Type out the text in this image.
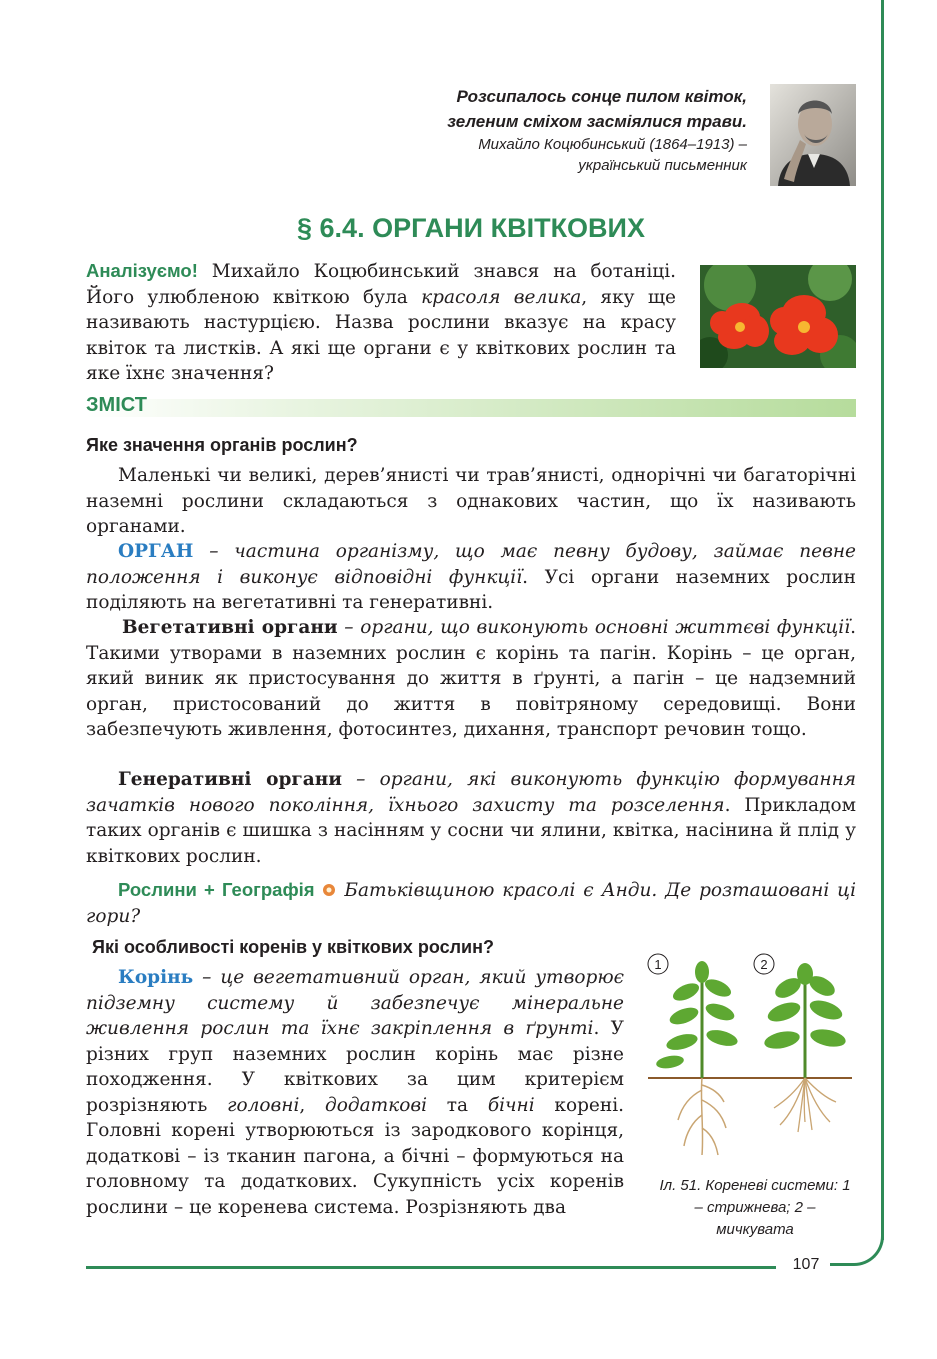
107
Розсипалось сонце пилом квіток,
зеленим сміхом засміялися трави.
Михайло Коцюбинський (1864–1913) –
український письменник
§ 6.4. ОРГАНИ КВІТКОВИХ

Аналізуємо! Михайло Коцюбинський знався на ботаніці. Його улюбленою квіткою була красоля велика, яку ще називають настурцією. Назва рослини вказує на красу квіток та листків. А які ще органи є у квіткових рослин та яке їхнє значення?

ЗМІСТ
Яке значення органів рослин?

Маленькі чи великі, дерев’янисті чи трав’янисті, однорічні чи багаторічні наземні рослини складаються з однакових частин, що їх називають органами.

ОРГАН – частина організму, що має певну будову, займає певне положення і виконує відповідні функції. Усі органи наземних рослин поділяють на вегетативні та генеративні.

Вегетативні органи – органи, що виконують основні життєві функції. Такими утворами в наземних рослин є корінь та пагін. Корінь – це орган, який виник як пристосування до життя в ґрунті, а пагін – це надземний орган, пристосований до життя в повітряному середовищі. Вони забезпечують живлення, фотосинтез, дихання, транспорт речовин тощо.

Генеративні органи – органи, які виконують функцію формування зачатків нового покоління, їхнього захисту та розселення. Прикладом таких органів є шишка з насінням у сосни чи ялини, квітка, насінина й плід у квіткових рослин.

Рослини + Географія Батьківщиною красолі є Анди. Де розташовані ці гори?

Які особливості коренів у квіткових рослин?

Корінь – це вегетативний орган, який утворює підземну систему й забезпечує мінеральне живлення рослин та їхнє закріплення в ґрунті. У різних груп наземних рослин корінь має різне походження. У квіткових за цим критерієм розрізняють головні, додаткові та бічні корені. Головні корені утворюються із зародкового корінця, додаткові – із тканин пагона, а бічні – формуються на головному та додаткових. Сукупність усіх коренів рослини – це коренева система. Розрізняють два

1	2
Іл. 51. Кореневі системи: 1 – стрижнева; 2 – мичкувата
